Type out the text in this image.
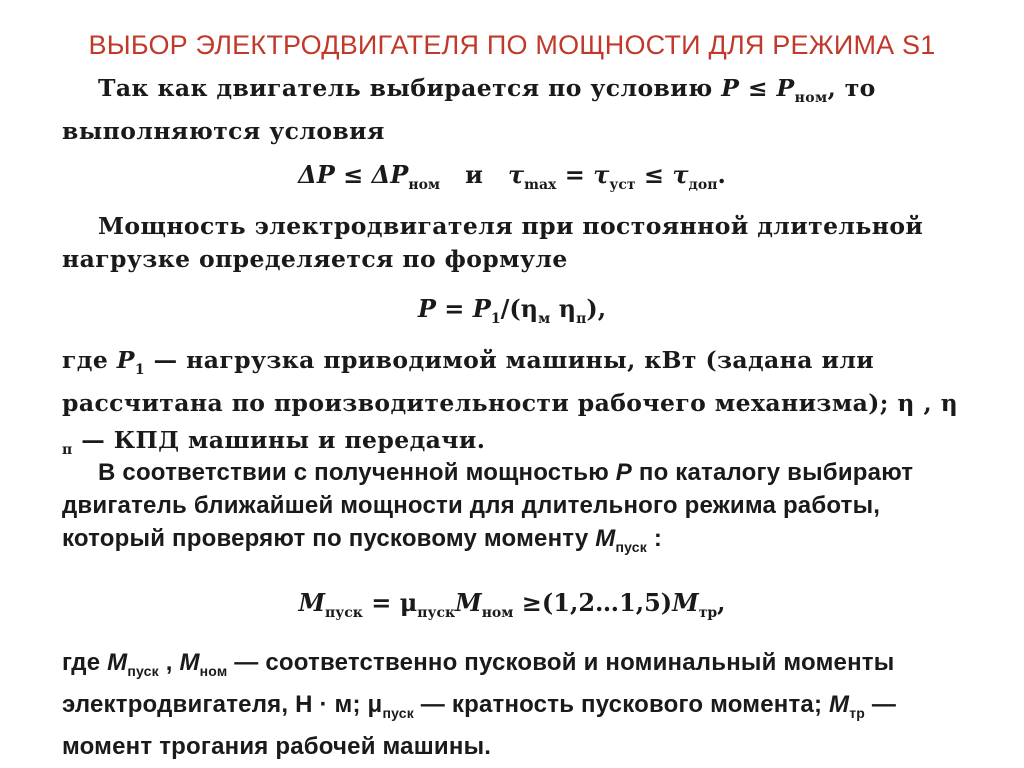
ВЫБОР ЭЛЕКТРОДВИГАТЕЛЯ ПО МОЩНОСТИ ДЛЯ РЕЖИМА S1
Так как двигатель выбирается по условию $P \le P_{ном}$, то выполняются условия
$\Delta P \le \Delta P_{ном}$   и   $\tau_{max} = \tau_{уст} \le \tau_{доп}$.
Мощность электродвигателя при постоянной длительной нагрузке определяется по формуле
$P = P_1/(\eta_м$ $\eta_п$),
где $P_1$ — нагрузка приводимой машины, кВт (задана или рассчитана по производительности рабочего механизма); η , η $_п$ — КПД машины и передачи.
В соответствии с полученной мощностью P по каталогу выбирают двигатель ближайшей мощности для длительного режима работы, который проверяют по пусковому моменту $M_{пуск}$ :
$M_{пуск} = \mu_{пуск}M_{ном}$ $\ge(1,2\dots 1,5)M_{тр}$,
где $M_{пуск}$ , $M_{ном}$ — соответственно пусковой и номинальный моменты электродвигателя, Н · м; $\mu_{пуск}$ — кратность пускового момента; $M_{тр}$ — момент трогания рабочей машины.
